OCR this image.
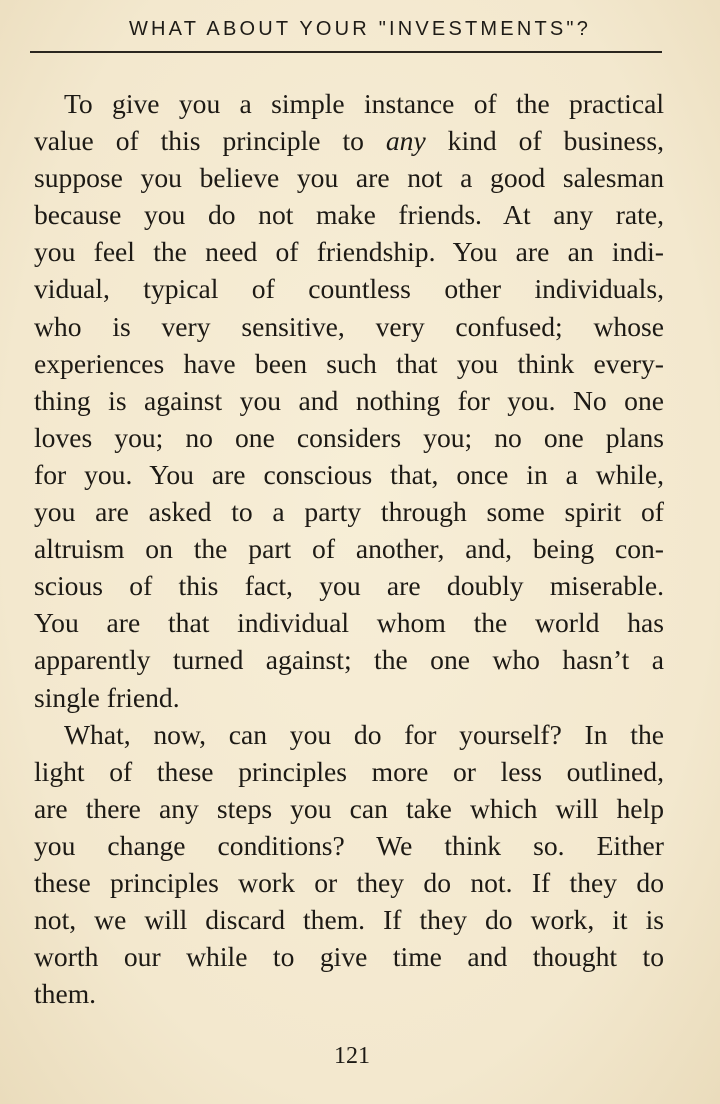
WHAT ABOUT YOUR "INVESTMENTS"?
To give you a simple instance of the practical
value of this principle to any kind of business,
suppose you believe you are not a good salesman
because you do not make friends. At any rate,
you feel the need of friendship. You are an indi-
vidual, typical of countless other individuals,
who is very sensitive, very confused; whose
experiences have been such that you think every-
thing is against you and nothing for you. No one
loves you; no one considers you; no one plans
for you. You are conscious that, once in a while,
you are asked to a party through some spirit of
altruism on the part of another, and, being con-
scious of this fact, you are doubly miserable.
You are that individual whom the world has
apparently turned against; the one who hasn’t a
single friend.
What, now, can you do for yourself? In the
light of these principles more or less outlined,
are there any steps you can take which will help
you change conditions? We think so. Either
these principles work or they do not. If they do
not, we will discard them. If they do work, it is
worth our while to give time and thought to
them.
121
